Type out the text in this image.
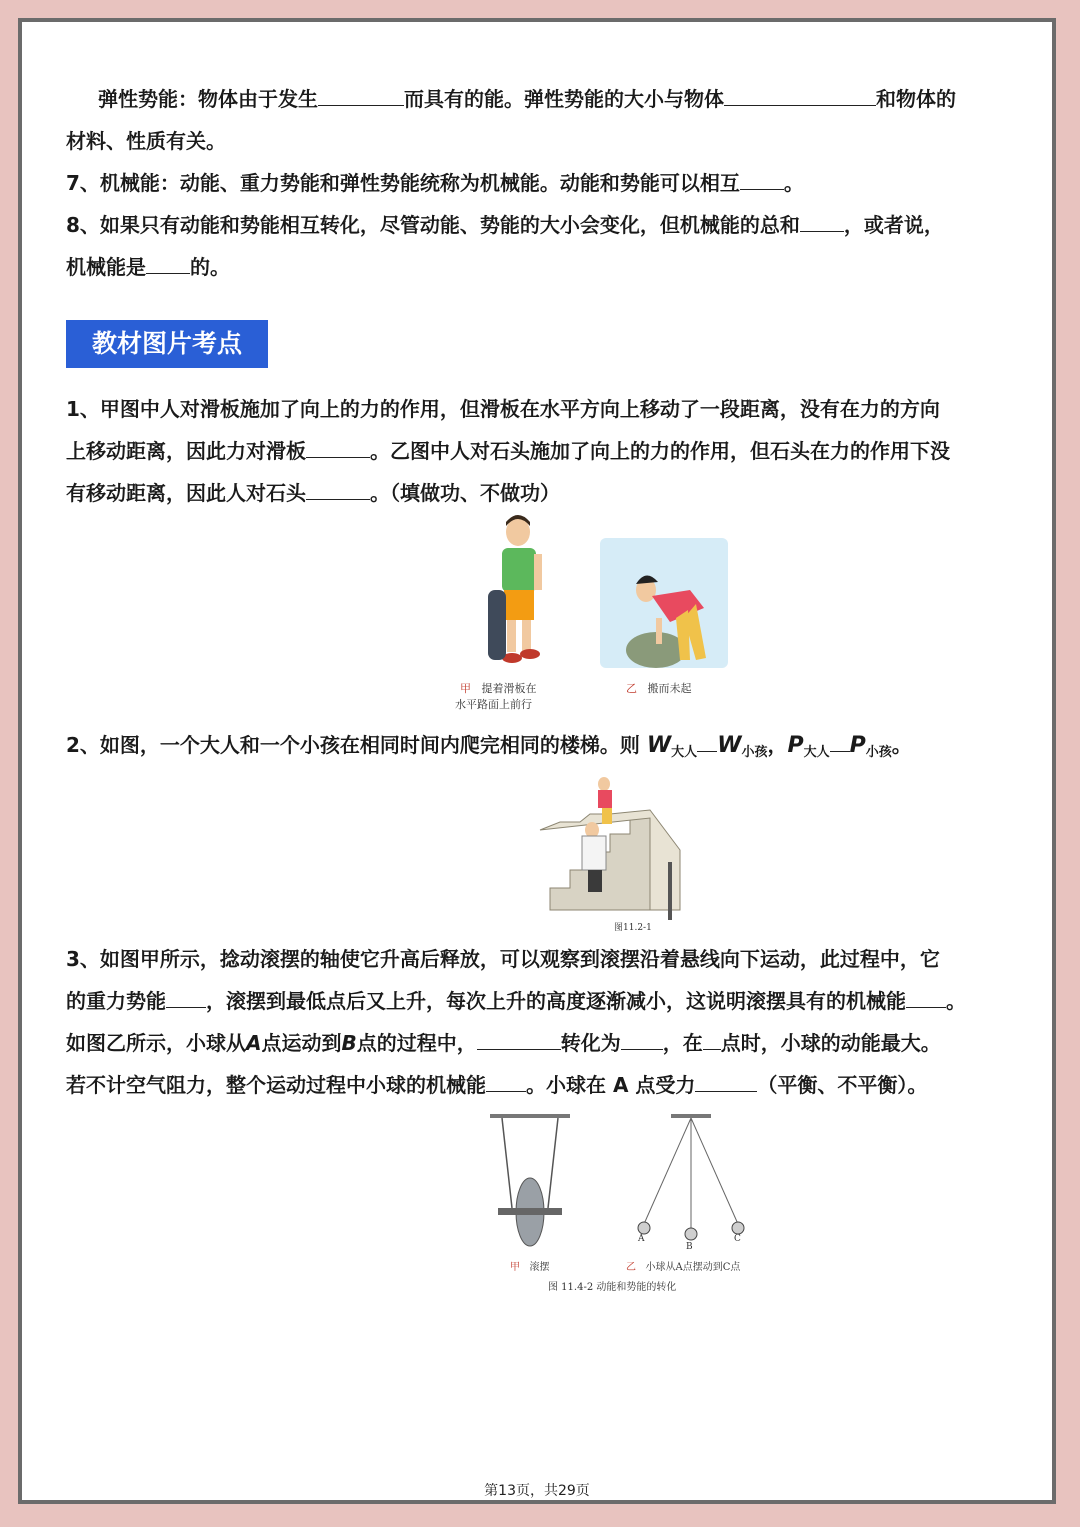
弹性势能：物体由于发生	而具有的能。弹性势能的大小与物体	和物体的

材料、性质有关。

7、机械能：动能、重力势能和弹性势能统称为机械能。动能和势能可以相互 。

8、如果只有动能和势能相互转化，尽管动能、势能的大小会变化，但机械能的总和 ，或者说，

机械能是 的。

教材图片考点

1、甲图中人对滑板施加了向上的力的作用，但滑板在水平方向上移动了一段距离，没有在力的方向

上移动距离，因此力对滑板	。乙图中人对石头施加了向上的力的作用，但石头在力的作用下没

有移动距离，因此人对石头	。（填做功、不做功）

甲 提着滑板在
水平路面上前行
乙 搬而未起

2、如图，一个大人和一个小孩在相同时间内爬完相同的楼梯。则 $W_{大人}$ $W_{小孩}$，$P_{大人}$ $P_{小孩}$。

图11.2-1

3、如图甲所示，捻动滚摆的轴使它升高后释放，可以观察到滚摆沿着悬线向下运动，此过程中，它

的重力势能 ，滚摆到最低点后又上升，每次上升的高度逐渐减小，这说明滚摆具有的机械能 。

如图乙所示，小球从A点运动到B点的过程中，	转化为 ，在 点时，小球的动能最大。

若不计空气阻力，整个运动过程中小球的机械能 。小球在 A 点受力	（平衡、不平衡）。

A
B
C
甲 滚摆	乙 小球从A点摆动到C点
图 11.4-2 动能和势能的转化
第13页，共29页
